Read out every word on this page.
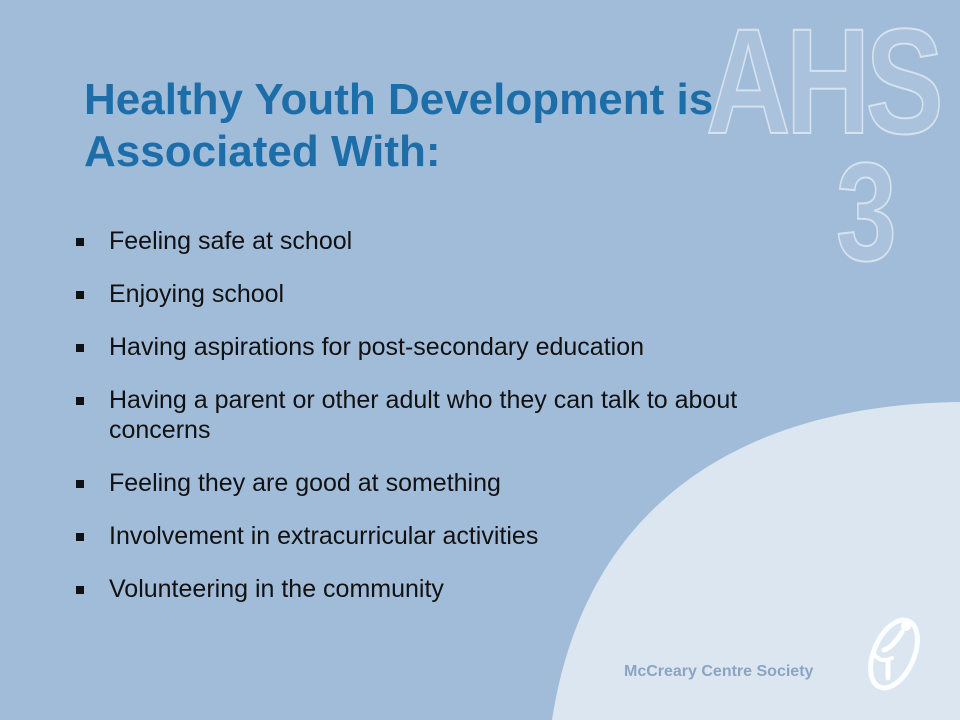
AHS
3
Healthy Youth Development is Associated With:
Feeling safe at school
Enjoying school
Having aspirations for post-secondary education
Having a parent or other adult who they can talk to about concerns
Feeling they are good at something
Involvement in extracurricular activities
Volunteering in the community
McCreary Centre Society
